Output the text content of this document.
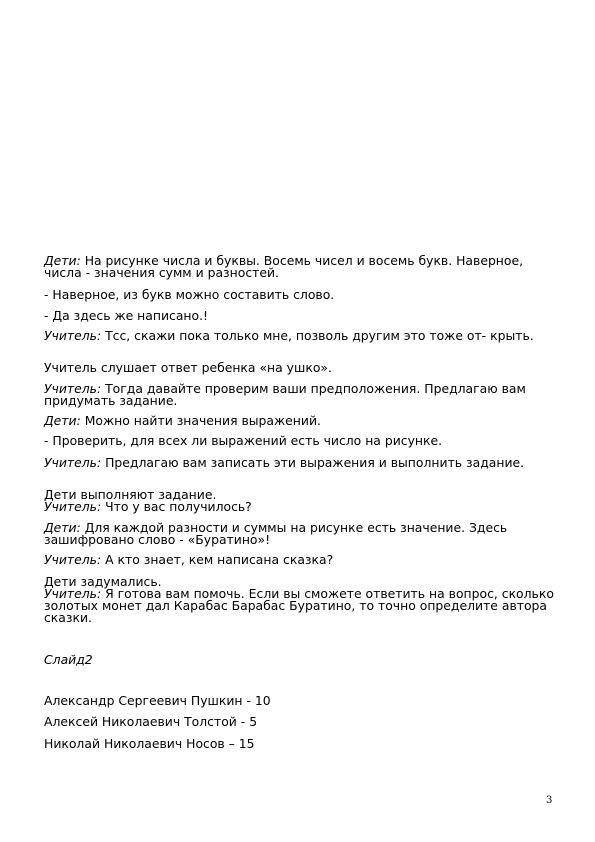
Дети: На рисунке числа и буквы. Восемь чисел и восемь букв. Наверное, числа - значения сумм и разностей.
- Наверное, из букв можно составить слово.
- Да здесь же написано.!
Учитель: Тсс, скажи пока только мне, позволь другим это тоже от- крыть.
Учитель слушает ответ ребенка «на ушко».
Учитель: Тогда давайте проверим ваши предположения. Предлагаю вам придумать задание.
Дети: Можно найти значения выражений.
- Проверить, для всех ли выражений есть число на рисунке.
Учитель: Предлагаю вам записать эти выражения и выполнить задание.
Дети выполняют задание.
Учитель: Что у вас получилось?
Дети: Для каждой разности и суммы на рисунке есть значение. Здесь зашифровано слово - «Буратино»!
Учитель: А кто знает, кем написана сказка?
Дети задумались.
Учитель: Я готова вам помочь. Если вы сможете ответить на вопрос, сколько золотых монет дал Карабас Барабас Буратино, то точно определите автора сказки.
Слайд2
Александр Сергеевич Пушкин - 10
Алексей Николаевич Толстой - 5
Николай Николаевич Носов – 15
3
